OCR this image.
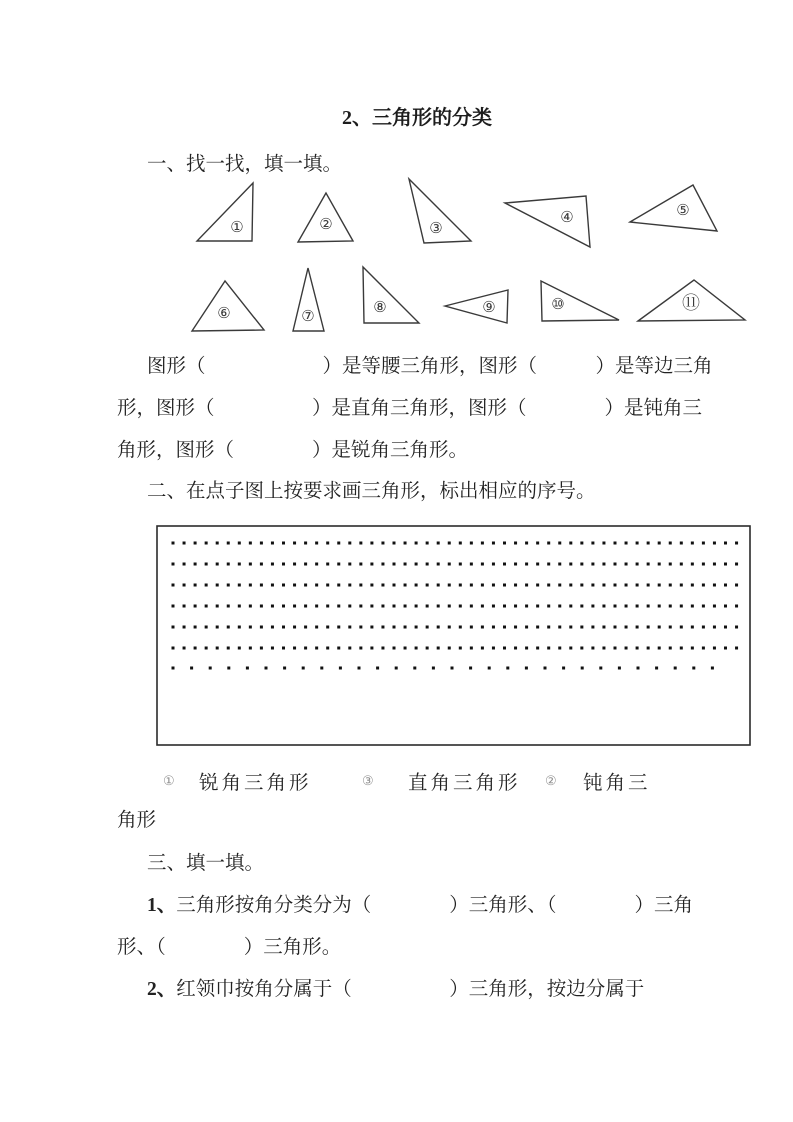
①	②	③
④	⑤
⑥	⑦
⑧	⑨	⑩	⑪
2、三角形的分类
一、找一找，填一填。
图形（　　　　　　）是等腰三角形，图形（　　　）是等边三角
形，图形（　　　　　）是直角三角形，图形（　　　　）是钝角三
角形，图形（　　　　）是锐角三角形。
二、在点子图上按要求画三角形，标出相应的序号。
① 锐角三角形	③ 直角三角形 ② 钝角三
角形
三、填一填。
1、三角形按角分类分为（　　　　）三角形、（　　　　）三角
形、（　　　　）三角形。
2、红领巾按角分属于（　　　　　）三角形，按边分属于
